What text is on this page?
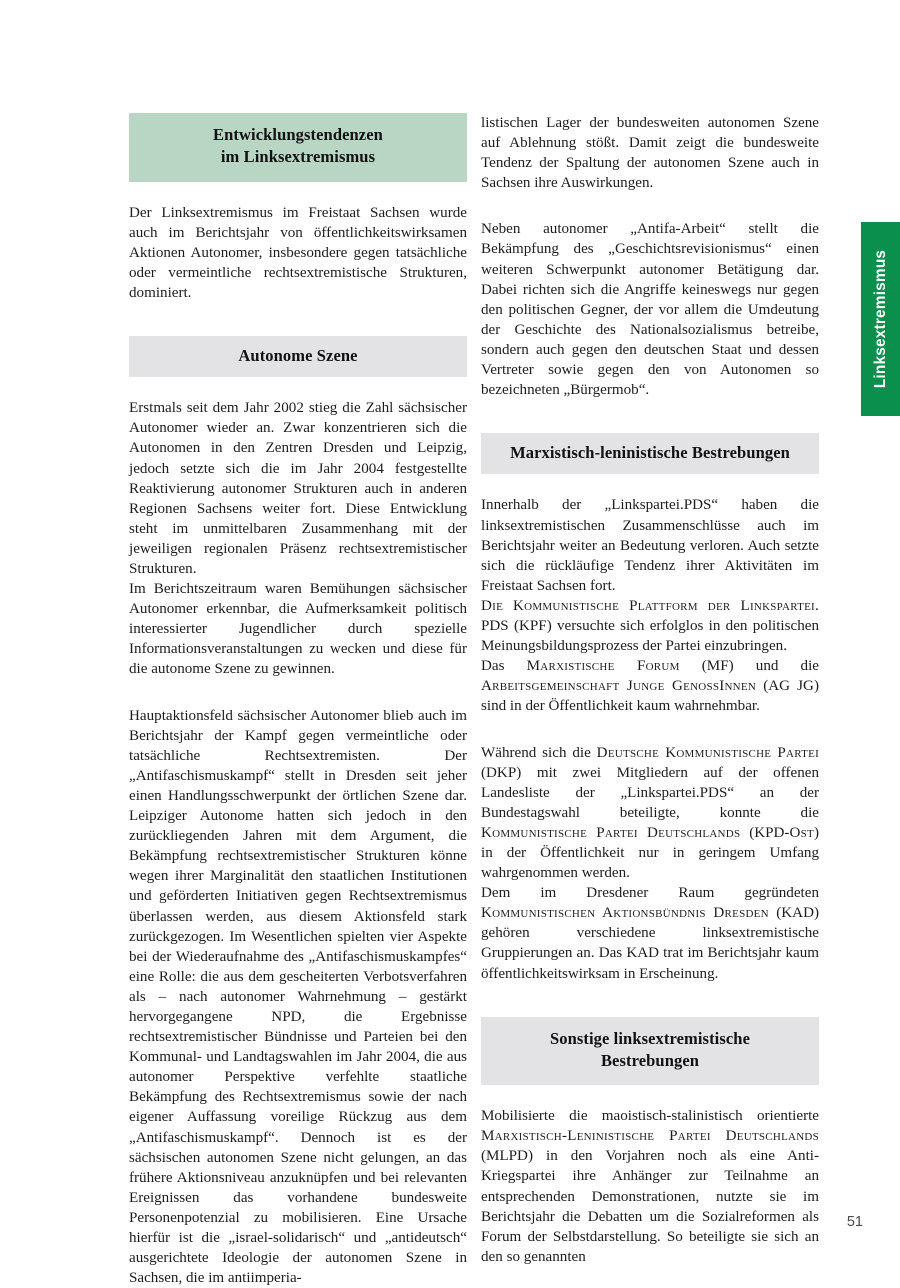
Entwicklungstendenzen
im Linksextremismus

Der Linksextremismus im Freistaat Sachsen wurde auch im Berichtsjahr von öffentlichkeitswirksamen Aktionen Autonomer, insbesondere gegen tatsächliche oder vermeintliche rechtsextremistische Strukturen, dominiert.

Autonome Szene

Erstmals seit dem Jahr 2002 stieg die Zahl sächsischer Autonomer wieder an. Zwar konzentrieren sich die Autonomen in den Zentren Dresden und Leipzig, jedoch setzte sich die im Jahr 2004 festgestellte Reaktivierung autonomer Strukturen auch in anderen Regionen Sachsens weiter fort. Diese Entwicklung steht im unmittelbaren Zusammenhang mit der jeweiligen regionalen Präsenz rechtsextremistischer Strukturen.

Im Berichtszeitraum waren Bemühungen sächsischer Autonomer erkennbar, die Aufmerksamkeit politisch interessierter Jugendlicher durch spezielle Informationsveranstaltungen zu wecken und diese für die autonome Szene zu gewinnen.

Hauptaktionsfeld sächsischer Autonomer blieb auch im Berichtsjahr der Kampf gegen vermeintliche oder tatsächliche Rechtsextremisten. Der „Antifaschismuskampf“ stellt in Dresden seit jeher einen Handlungsschwerpunkt der örtlichen Szene dar. Leipziger Autonome hatten sich jedoch in den zurückliegenden Jahren mit dem Argument, die Bekämpfung rechtsextremistischer Strukturen könne wegen ihrer Marginalität den staatlichen Institutionen und geförderten Initiativen gegen Rechtsextremismus überlassen werden, aus diesem Aktionsfeld stark zurückgezogen. Im Wesentlichen spielten vier Aspekte bei der Wiederaufnahme des „Antifaschismuskampfes“ eine Rolle: die aus dem gescheiterten Verbotsverfahren als – nach autonomer Wahrnehmung – gestärkt hervorgegangene NPD, die Ergebnisse rechtsextremistischer Bündnisse und Parteien bei den Kommunal- und Landtagswahlen im Jahr 2004, die aus autonomer Perspektive verfehlte staatliche Bekämpfung des Rechtsextremismus sowie der nach eigener Auffassung voreilige Rückzug aus dem „Antifaschismuskampf“. Dennoch ist es der sächsischen autonomen Szene nicht gelungen, an das frühere Aktionsniveau anzuknüpfen und bei relevanten Ereignissen das vorhandene bundesweite Personenpotenzial zu mobilisieren. Eine Ursache hierfür ist die „israel-solidarisch“ und „antideutsch“ ausgerichtete Ideologie der autonomen Szene in Sachsen, die im antiimperia-

listischen Lager der bundesweiten autonomen Szene auf Ablehnung stößt. Damit zeigt die bundesweite Tendenz der Spaltung der autonomen Szene auch in Sachsen ihre Auswirkungen.

Neben autonomer „Antifa-Arbeit“ stellt die Bekämpfung des „Geschichtsrevisionismus“ einen weiteren Schwerpunkt autonomer Betätigung dar. Dabei richten sich die Angriffe keineswegs nur gegen den politischen Gegner, der vor allem die Umdeutung der Geschichte des Nationalsozialismus betreibe, sondern auch gegen den deutschen Staat und dessen Vertreter sowie gegen den von Autonomen so bezeichneten „Bürgermob“.

Marxistisch-leninistische Bestrebungen

Innerhalb der „Linkspartei.PDS“ haben die linksextremistischen Zusammenschlüsse auch im Berichtsjahr weiter an Bedeutung verloren. Auch setzte sich die rückläufige Tendenz ihrer Aktivitäten im Freistaat Sachsen fort.

Die Kommunistische Plattform der Linkspartei. PDS (KPF) versuchte sich erfolglos in den politischen Meinungsbildungsprozess der Partei einzubringen.

Das Marxistische Forum (MF) und die Arbeitsgemeinschaft Junge GenossInnen (AG JG) sind in der Öffentlichkeit kaum wahrnehmbar.

Während sich die Deutsche Kommunistische Partei (DKP) mit zwei Mitgliedern auf der offenen Landesliste der „Linkspartei.PDS“ an der Bundestagswahl beteiligte, konnte die Kommunistische Partei Deutschlands (KPD-Ost) in der Öffentlichkeit nur in geringem Umfang wahrgenommen werden.

Dem im Dresdener Raum gegründeten Kommunistischen Aktionsbündnis Dresden (KAD) gehören verschiedene linksextremistische Gruppierungen an. Das KAD trat im Berichtsjahr kaum öffentlichkeitswirksam in Erscheinung.

Sonstige linksextremistische
Bestrebungen

Mobilisierte die maoistisch-stalinistisch orientierte Marxistisch-Leninistische Partei Deutschlands (MLPD) in den Vorjahren noch als eine Anti-Kriegspartei ihre Anhänger zur Teilnahme an entsprechenden Demonstrationen, nutzte sie im Berichtsjahr die Debatten um die Sozialreformen als Forum der Selbstdarstellung. So beteiligte sie sich an den so genannten

Linksextremismus
51
